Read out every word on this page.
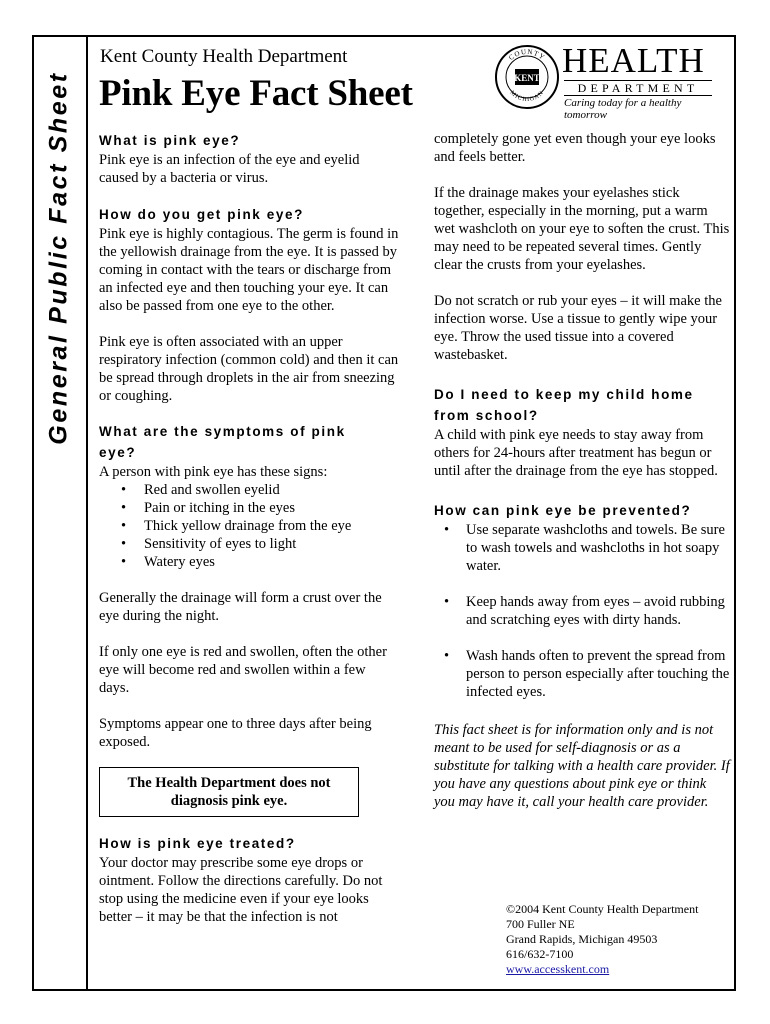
General Public Fact Sheet
Kent County Health Department
Pink Eye Fact Sheet
COUNTY
MICHIGAN
KENT HEALTH
DEPARTMENT
Caring today for a healthy tomorrow
What is pink eye?

Pink eye is an infection of the eye and eyelid caused by a bacteria or virus.

How do you get pink eye?

Pink eye is highly contagious. The germ is found in the yellowish drainage from the eye. It is passed by coming in contact with the tears or discharge from an infected eye and then touching your eye. It can also be passed from one eye to the other.

Pink eye is often associated with an upper respiratory infection (common cold) and then it can be spread through droplets in the air from sneezing or coughing.

What are the symptoms of pink eye?

A person with pink eye has these signs:

• Red and swollen eyelid
• Pain or itching in the eyes
• Thick yellow drainage from the eye
• Sensitivity of eyes to light
• Watery eyes

Generally the drainage will form a crust over the eye during the night.

If only one eye is red and swollen, often the other eye will become red and swollen within a few days.

Symptoms appear one to three days after being exposed.

The Health Department does not diagnosis pink eye.
How is pink eye treated?

Your doctor may prescribe some eye drops or ointment. Follow the directions carefully. Do not stop using the medicine even if your eye looks better – it may be that the infection is not

completely gone yet even though your eye looks and feels better.

If the drainage makes your eyelashes stick together, especially in the morning, put a warm wet washcloth on your eye to soften the crust. This may need to be repeated several times. Gently clear the crusts from your eyelashes.

Do not scratch or rub your eyes – it will make the infection worse. Use a tissue to gently wipe your eye. Throw the used tissue into a covered wastebasket.

Do I need to keep my child home from school?

A child with pink eye needs to stay away from others for 24-hours after treatment has begun or until after the drainage from the eye has stopped.

How can pink eye be prevented?
• Use separate washcloths and towels. Be sure to wash towels and washcloths in hot soapy water.
• Keep hands away from eyes – avoid rubbing and scratching eyes with dirty hands.
• Wash hands often to prevent the spread from person to person especially after touching the infected eyes.

This fact sheet is for information only and is not meant to be used for self-diagnosis or as a substitute for talking with a health care provider. If you have any questions about pink eye or think you may have it, call your health care provider.

©2004 Kent County Health Department
700 Fuller NE
Grand Rapids, Michigan 49503
616/632-7100
www.accesskent.com
